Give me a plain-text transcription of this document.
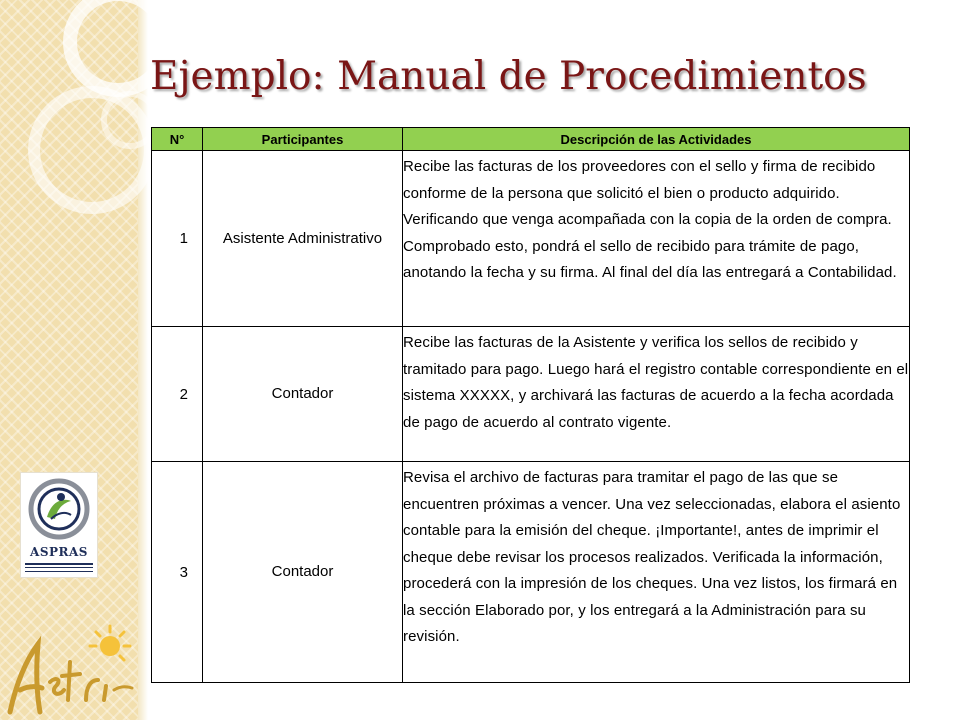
Ejemplo: Manual de Procedimientos
N°	Participantes	Descripción de las Actividades
1	Asistente Administrativo	Recibe las facturas de los proveedores con el sello y firma de recibido conforme de la persona que solicitó el bien o producto adquirido. Verificando que venga acompañada con la copia de la orden de compra. Comprobado esto, pondrá el sello de recibido para trámite de pago, anotando la fecha y su firma. Al final del día las entregará a Contabilidad.
2	Contador	Recibe las facturas de la Asistente y verifica los sellos de recibido y tramitado para pago. Luego hará el registro contable correspondiente en el sistema XXXXX, y archivará las facturas de acuerdo a la fecha acordada de pago de acuerdo al contrato vigente.
3	Contador	Revisa el archivo de facturas para tramitar el pago de las que se encuentren próximas a vencer. Una vez seleccionadas, elabora el asiento contable para la emisión del cheque. ¡Importante!, antes de imprimir el cheque debe revisar los procesos realizados. Verificada la información, procederá con la impresión de los cheques. Una vez listos, los firmará en la sección Elaborado por, y los entregará a la Administración para su revisión.
ASPRAS
